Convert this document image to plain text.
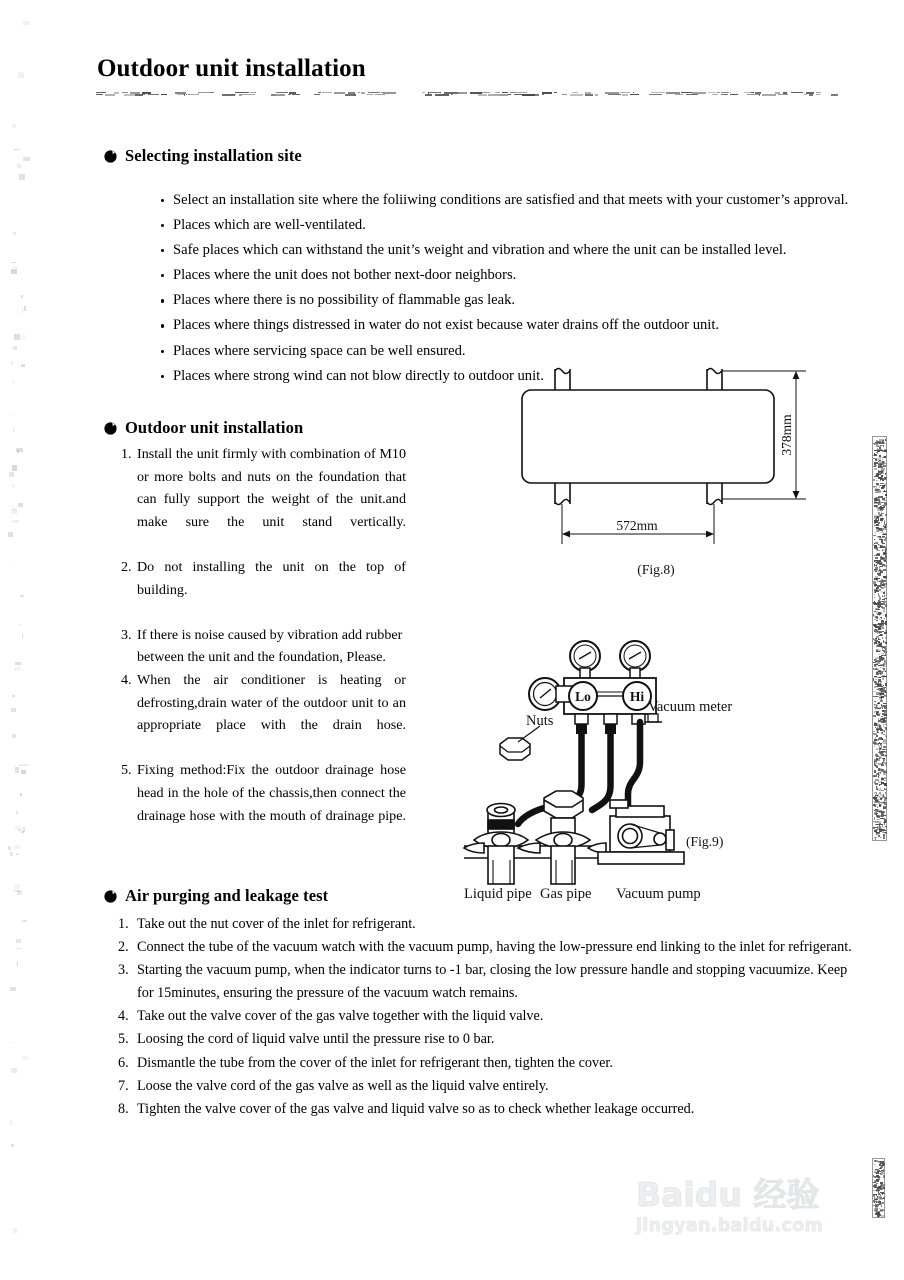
Outdoor unit installation
Selecting installation site
Select an installation site where the foliiwing conditions are satisfied and that meets with your customer’s approval.
Places which are well-ventilated.
Safe places which can withstand the unit’s weight and vibration and where the unit can be installed level.
Places where the unit does not bother next-door neighbors.
Places where there is no possibility of flammable gas leak.
Places where things distressed in water do not exist because water drains off the outdoor unit.
Places where servicing space can be well ensured.
Places where strong wind can not blow directly to outdoor unit.
Outdoor unit installation
1. Install the unit firmly with combination of M10 or more bolts and nuts on the foundation that can fully support the weight of the unit.and make sure the unit stand vertically.
2. Do not installing the unit on the top of building.
3. If there is noise caused by vibration add rubber between the unit and the foundation, Please.
4. When the air conditioner is heating or defrosting,drain water of the outdoor unit to an appropriate place with the drain hose.
5. Fixing method:Fix the outdoor drainage hose head in the hole of the chassis,then connect the drainage hose with the mouth of drainage pipe.
378mm
572mm
(Fig.8)
Lo	Hi
Vacuum meter
Nuts
(Fig.9)
Liquid pipe Gas pipe Vacuum pump
Air purging and leakage test
1. Take out the nut cover of the inlet for refrigerant.
2. Connect the tube of the vacuum watch with the vacuum pump, having the low-pressure end linking to the inlet for refrigerant.
3. Starting the vacuum pump, when the indicator turns to -1 bar, closing the low pressure handle and stopping vacuumize. Keep for 15minutes, ensuring the pressure of the vacuum watch remains.
4. Take out the valve cover of the gas valve together with the liquid valve.
5. Loosing the cord of liquid valve until the pressure rise to 0 bar.
6. Dismantle the tube from the cover of the inlet for refrigerant then, tighten the cover.
7. Loose the valve cord of the gas valve as well as the liquid valve entirely.
8. Tighten the valve cover of the gas valve and liquid valve so as to check whether leakage occurred.
Baidu 经验
jingyan.baidu.com
